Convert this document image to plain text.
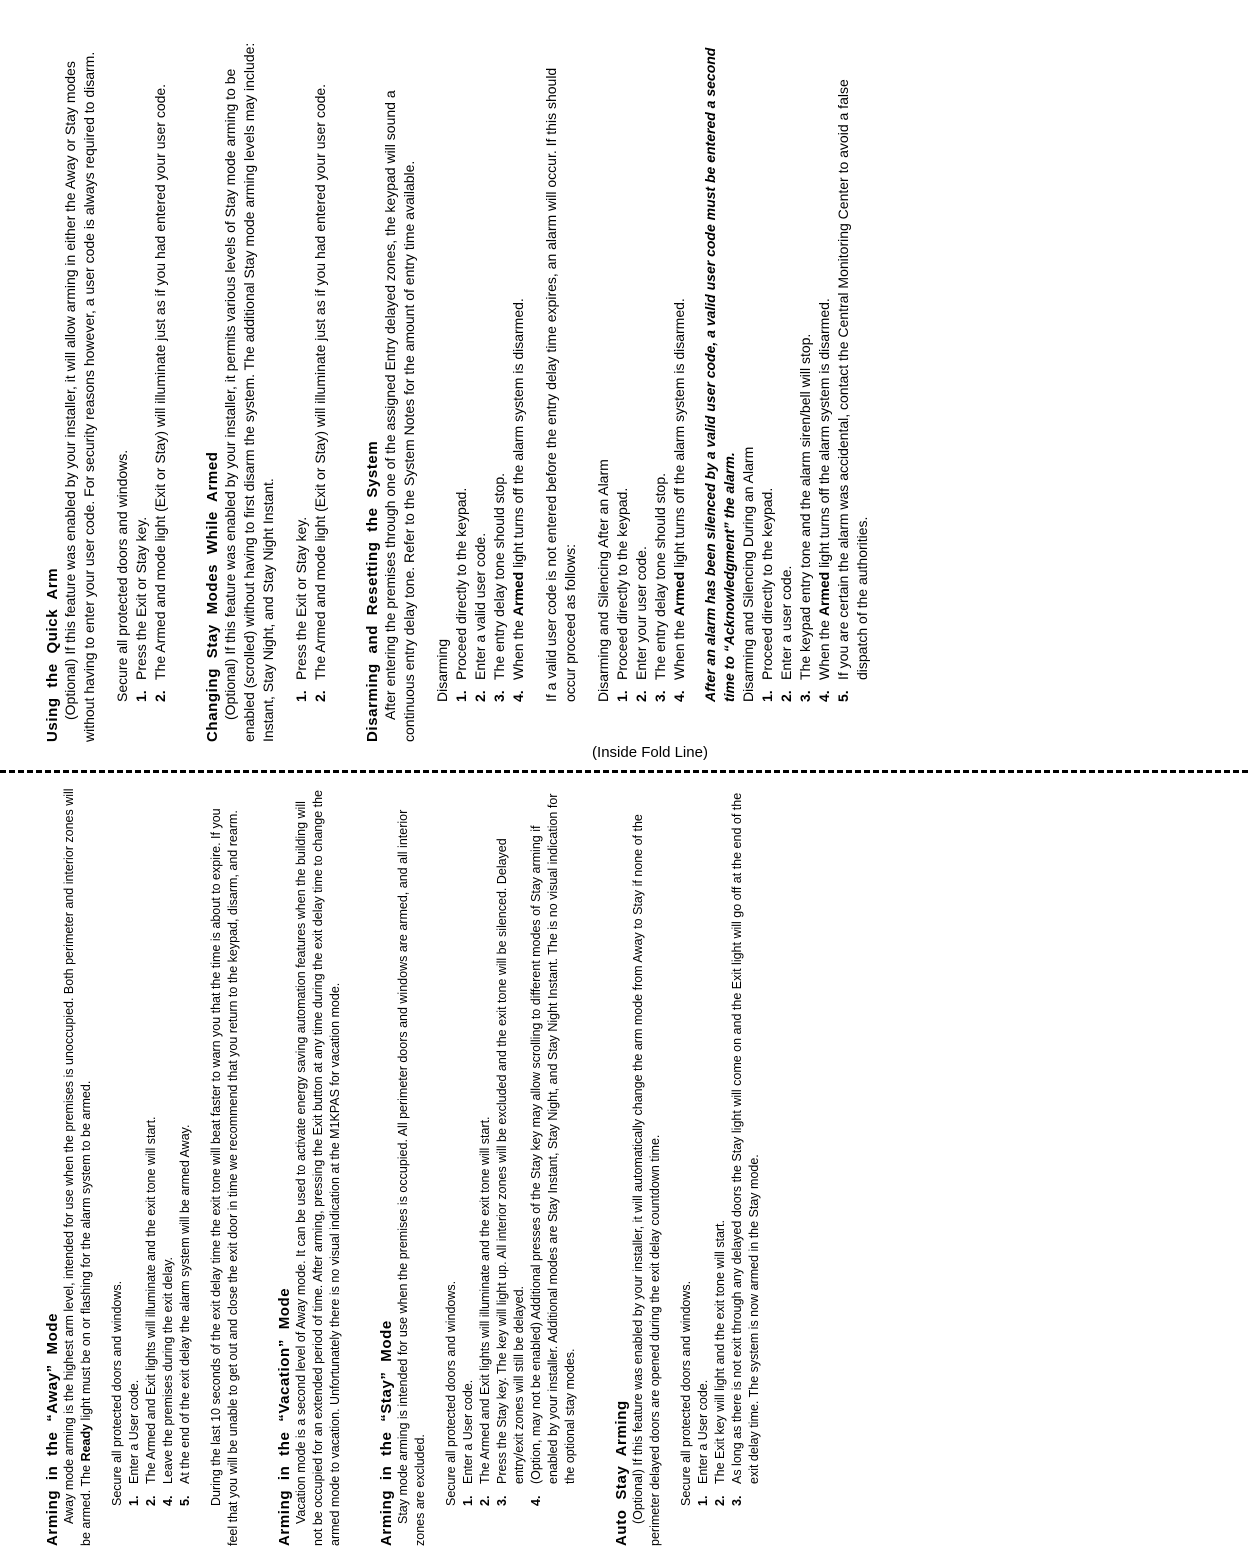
(Inside Fold Line)
Using the Quick Arm (Optional) If this feature was enabled by your installer, it will allow arming in either the Away or Stay modes without having to enter your user code. For security reasons however, a user code is always required to disarm. Secure all protected doors and windows. 1.
Press the Exit or Stay key.
2.
The Armed and mode light (Exit or Stay) will illuminate just as if you had entered your user code. Changing Stay Modes While Armed (Optional) If this feature was enabled by your installer, it permits various levels of Stay mode arming to be enabled (scrolled) without having to first disarm the system. The additional Stay mode arming levels may include: Instant, Stay Night, and Stay Night Instant. 1.
Press the Exit or Stay key.
2.
The Armed and mode light (Exit or Stay) will illuminate just as if you had entered your user code. Disarming and Resetting the System After entering the premises through one of the assigned Entry delayed zones, the keypad will sound a continuous entry delay tone. Refer to the System Notes for the amount of entry time available. Disarming 1.
Proceed directly to the keypad.
2.
Enter a valid user code.
3.
The entry delay tone should stop.
4.
When the Armed light turns off the alarm system is disarmed. If a valid user code is not entered before the entry delay time expires, an alarm will occur. If this should occur proceed as follows: Disarming and Silencing After an Alarm 1.
Proceed directly to the keypad.
2.
Enter your user code.
3.
The entry delay tone should stop.
4.
When the Armed light turns off the alarm system is disarmed. After an alarm has been silenced by a valid user code, a valid user code must be entered a second time to “Acknowledgment” the alarm. Disarming and Silencing During an Alarm 1.
Proceed directly to the keypad.
2.
Enter a user code.
3.
The keypad entry tone and the alarm siren/bell will stop.
4.
When the Armed light turns off the alarm system is disarmed.
5.
If you are certain the alarm was accidental, contact the Central Monitoring Center to avoid a false dispatch of the authorities.
Arming in the “Away” Mode Away mode arming is the highest arm level, intended for use when the premises is unoccupied. Both perimeter and interior zones will be armed. The Ready light must be on or flashing for the alarm system to be armed. Secure all protected doors and windows. 1.
Enter a User code.
2.
The Armed and Exit lights will illuminate and the exit tone will start.
4.
Leave the premises during the exit delay.
5.
At the end of the exit delay the alarm system will be armed Away. During the last 10 seconds of the exit delay time the exit tone will beat faster to warn you that the time is about to expire. If you feel that you will be unable to get out and close the exit door in time we recommend that you return to the keypad, disarm, and rearm. Arming in the “Vacation” Mode Vacation mode is a second level of Away mode. It can be used to activate energy saving automation features when the building will not be occupied for an extended period of time. After arming, pressing the Exit button at any time during the exit delay time to change the armed mode to vacation. Unfortunately there is no visual indication at the M1KPAS for vacation mode. Arming in the “Stay” Mode Stay mode arming is intended for use when the premises is occupied. All perimeter doors and windows are armed, and all interior zones are excluded. Secure all protected doors and windows. 1.
Enter a User code.
2.
The Armed and Exit lights will illuminate and the exit tone will start.
3.
Press the Stay key. The key will light up. All interior zones will be excluded and the exit tone will be silenced. Delayed entry/exit zones will still be delayed.
4.
(Option, may not be enabled) Additional presses of the Stay key may allow scrolling to different modes of Stay arming if enabled by your installer. Additional modes are Stay Instant, Stay Night, and Stay Night Instant. The is no visual indication for the optional stay modes. Auto Stay Arming (Optional) If this feature was enabled by your installer, it will automatically change the arm mode from Away to Stay if none of the perimeter delayed doors are opened during the exit delay countdown time. Secure all protected doors and windows. 1.
Enter a User code.
2.
The Exit key will light and the exit tone will start.
3.
As long as there is not exit through any delayed doors the Stay light will come on and the Exit light will go off at the end of the exit delay time. The system is now armed in the Stay mode.
